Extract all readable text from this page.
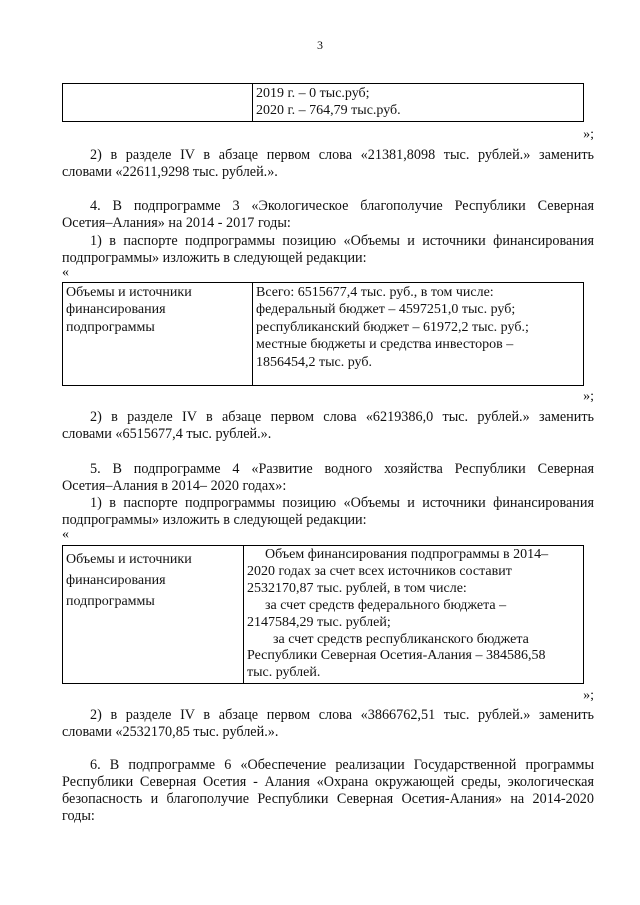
3

2019 г. – 0 тыс.руб;
2020 г. – 764,79 тыс.руб.
»;
2) в разделе IV в абзаце первом слова «21381,8098 тыс. рублей.» заменить
словами «22611,9298 тыс. рублей.».
4. В подпрограмме 3 «Экологическое благополучие Республики Северная
Осетия–Алания» на 2014 - 2017 годы:
1) в паспорте подпрограммы позицию «Объемы и источники финансирования
подпрограммы» изложить в следующей редакции:
«
Объемы и источники
финансирования
подпрограммы

Всего: 6515677,4 тыс. руб., в том числе:
федеральный бюджет – 4597251,0 тыс. руб;
республиканский бюджет – 61972,2 тыс. руб.;
местные бюджеты и средства инвесторов –
1856454,2 тыс. руб.
»;
2) в разделе IV в абзаце первом слова «6219386,0 тыс. рублей.» заменить
словами «6515677,4 тыс. рублей.».
5. В подпрограмме 4 «Развитие водного хозяйства Республики Северная
Осетия–Алания в 2014– 2020 годах»:
1) в паспорте подпрограммы позицию «Объемы и источники финансирования
подпрограммы» изложить в следующей редакции:
«
Объемы и источники
финансирования
подпрограммы

Объем финансирования подпрограммы в 2014–
2020 годах за счет всех источников составит
2532170,87 тыс. рублей, в том числе:
за счет средств федерального бюджета –
2147584,29 тыс. рублей;
за счет средств республиканского бюджета
Республики Северная Осетия-Алания – 384586,58
тыс. рублей.
»;
2) в разделе IV в абзаце первом слова «3866762,51 тыс. рублей.» заменить
словами «2532170,85 тыс. рублей.».
6. В подпрограмме 6 «Обеспечение реализации Государственной программы
Республики Северная Осетия - Алания «Охрана окружающей среды, экологическая
безопасность и благополучие Республики Северная Осетия-Алания» на 2014-2020
годы:
